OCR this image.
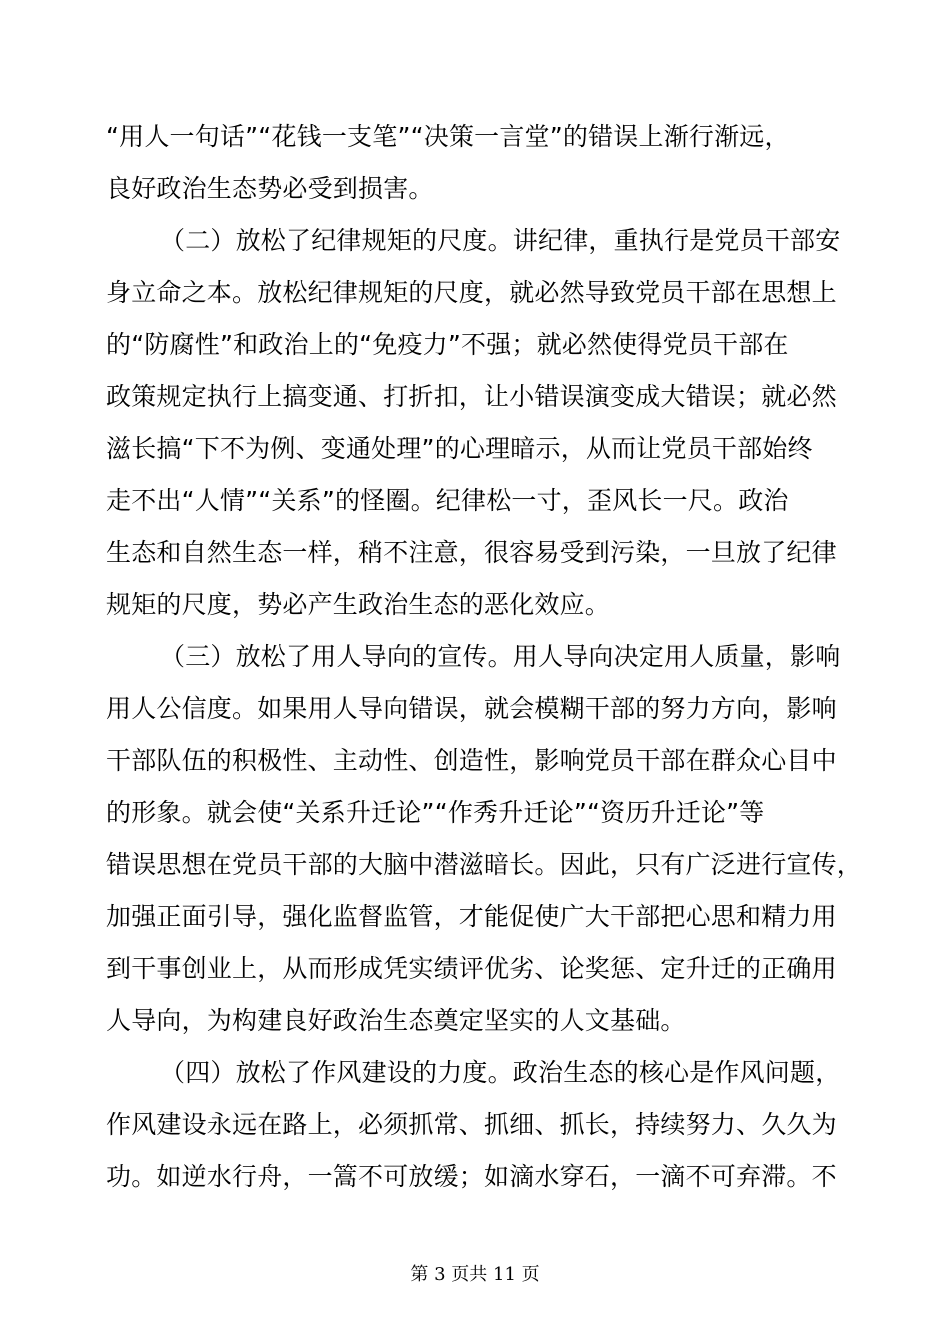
“用人一句话”“花钱一支笔”“决策一言堂”的错误上渐行渐远，
良好政治生态势必受到损害。
（二）放松了纪律规矩的尺度。讲纪律，重执行是党员干部安
身立命之本。放松纪律规矩的尺度，就必然导致党员干部在思想上
的“防腐性”和政治上的“免疫力”不强；就必然使得党员干部在
政策规定执行上搞变通、打折扣，让小错误演变成大错误；就必然
滋长搞“下不为例、变通处理”的心理暗示，从而让党员干部始终
走不出“人情”“关系”的怪圈。纪律松一寸，歪风长一尺。政治
生态和自然生态一样，稍不注意，很容易受到污染，一旦放了纪律
规矩的尺度，势必产生政治生态的恶化效应。
（三）放松了用人导向的宣传。用人导向决定用人质量，影响
用人公信度。如果用人导向错误，就会模糊干部的努力方向，影响
干部队伍的积极性、主动性、创造性，影响党员干部在群众心目中
的形象。就会使“关系升迁论”“作秀升迁论”“资历升迁论”等
错误思想在党员干部的大脑中潜滋暗长。因此，只有广泛进行宣传，
加强正面引导，强化监督监管，才能促使广大干部把心思和精力用
到干事创业上，从而形成凭实绩评优劣、论奖惩、定升迁的正确用
人导向，为构建良好政治生态奠定坚实的人文基础。
（四）放松了作风建设的力度。政治生态的核心是作风问题，
作风建设永远在路上，必须抓常、抓细、抓长，持续努力、久久为
功。如逆水行舟，一篙不可放缓；如滴水穿石，一滴不可弃滞。不
第 3 页共 11 页
